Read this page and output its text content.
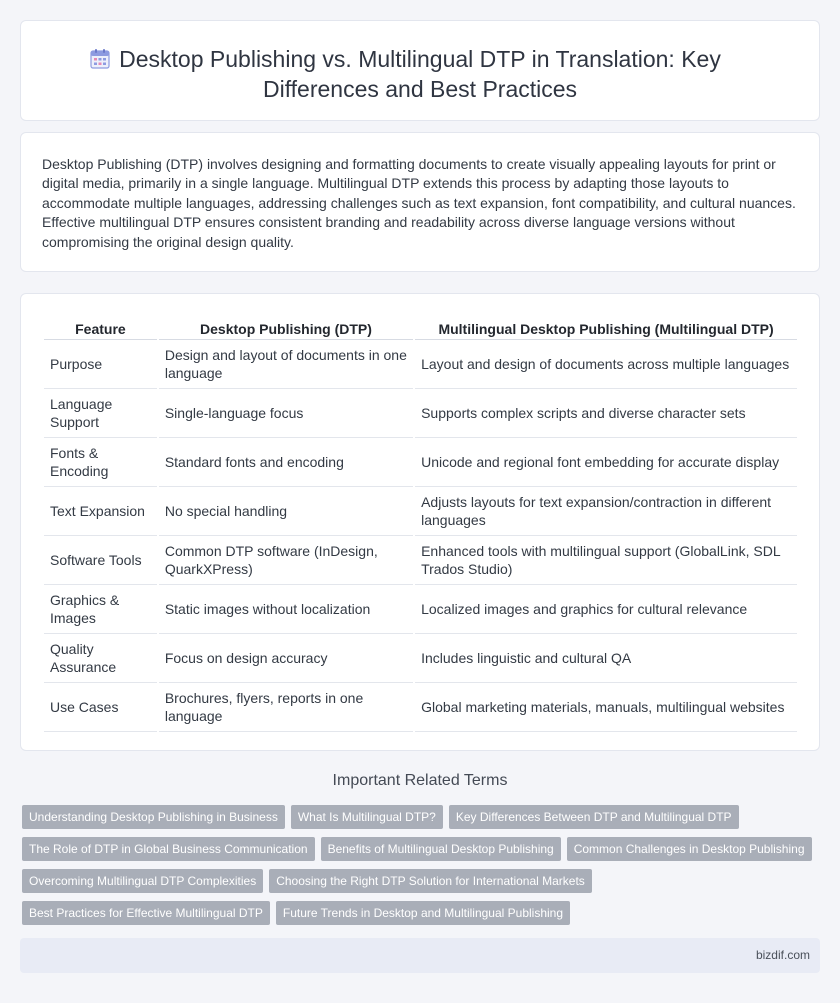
Desktop Publishing vs. Multilingual DTP in Translation: Key
Differences and Best Practices

Desktop Publishing (DTP) involves designing and formatting documents to create visually appealing layouts for print or digital media, primarily in a single language. Multilingual DTP extends this process by adapting those layouts to accommodate multiple languages, addressing challenges such as text expansion, font compatibility, and cultural nuances. Effective multilingual DTP ensures consistent branding and readability across diverse language versions without compromising the original design quality.

Feature	Desktop Publishing (DTP)	Multilingual Desktop Publishing (Multilingual DTP)
Purpose	Design and layout of documents in one language	Layout and design of documents across multiple languages
Language Support	Single-language focus	Supports complex scripts and diverse character sets
Fonts & Encoding	Standard fonts and encoding	Unicode and regional font embedding for accurate display
Text Expansion	No special handling	Adjusts layouts for text expansion/contraction in different languages
Software Tools	Common DTP software (InDesign, QuarkXPress)	Enhanced tools with multilingual support (GlobalLink, SDL Trados Studio)
Graphics & Images	Static images without localization	Localized images and graphics for cultural relevance
Quality Assurance	Focus on design accuracy	Includes linguistic and cultural QA
Use Cases	Brochures, flyers, reports in one language	Global marketing materials, manuals, multilingual websites
Important Related Terms
Understanding Desktop Publishing in Business	What Is Multilingual DTP?	Key Differences Between DTP and Multilingual DTP
The Role of DTP in Global Business Communication	Benefits of Multilingual Desktop Publishing	Common Challenges in Desktop Publishing
Overcoming Multilingual DTP Complexities	Choosing the Right DTP Solution for International Markets
Best Practices for Effective Multilingual DTP	Future Trends in Desktop and Multilingual Publishing
bizdif.com
